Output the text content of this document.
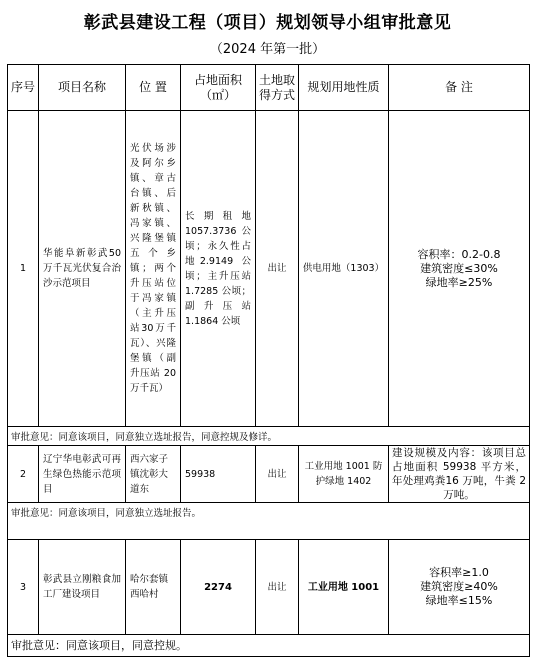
彰武县建设工程（项目）规划领导小组审批意见
（2024 年第一批）
序号	项目名称	位 置	占地面积（㎡）	土地取得方式	规划用地性质	备 注
1	华能阜新彰武50 万千瓦光伏复合治沙示范项目	光伏场涉及阿尔乡镇、章古台镇、后新秋镇、冯家镇、兴隆堡镇五个乡镇；两个升压站位于冯家镇（主升压站30万千瓦）、兴隆堡镇（副升压站 20 万千瓦）	长期租地1057.3736 公顷；永久性占地2.9149 公顷；主升压站1.7285 公顷；副升压站1.1864 公顷	出让	供电用地（1303）	容积率：0.2-0.8
建筑密度≤30%
绿地率≥25%

审批意见：同意该项目，同意独立选址报告，同意控规及修详。						
2	辽宁华电彰武可再生绿色热能示范项目	西六家子镇沈彰大道东	59938	出让	工业用地 1001 防护绿地 1402	建设规模及内容：该项目总占地面积 59938 平方米，年处理鸡粪16 万吨，牛粪 2 万吨。

审批意见：同意该项目，同意独立选址报告。						
3	彰武县立刚粮食加工厂建设项目	哈尔套镇西哈村	2274	出让	工业用地 1001	容积率≥1.0
建筑密度≥40%
绿地率≤15%

审批意见：同意该项目，同意控规。						
